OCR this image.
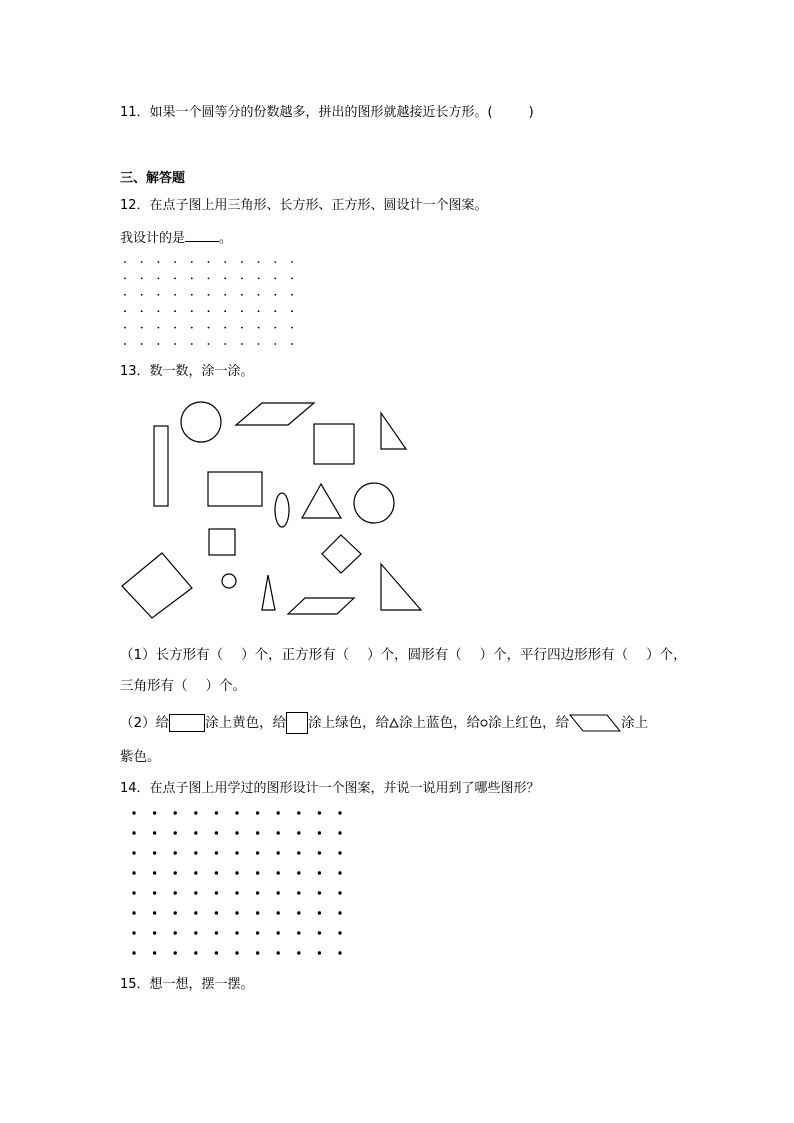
11．如果一个圆等分的份数越多，拼出的图形就越接近长方形。(	)
三、解答题
12．在点子图上用三角形、长方形、正方形、圆设计一个图案。
我设计的是	。
13．数一数，涂一涂。
（1）长方形有（ ）个，正方形有（ ）个，圆形有（ ）个，平行四边形形有（ ）个，
三角形有（ ）个。
（2）给	涂上黄色，给 涂上绿色，给 涂上蓝色，给 涂上红色，给	涂上
紫色。
14．在点子图上用学过的图形设计一个图案，并说一说用到了哪些图形？
15．想一想，摆一摆。
